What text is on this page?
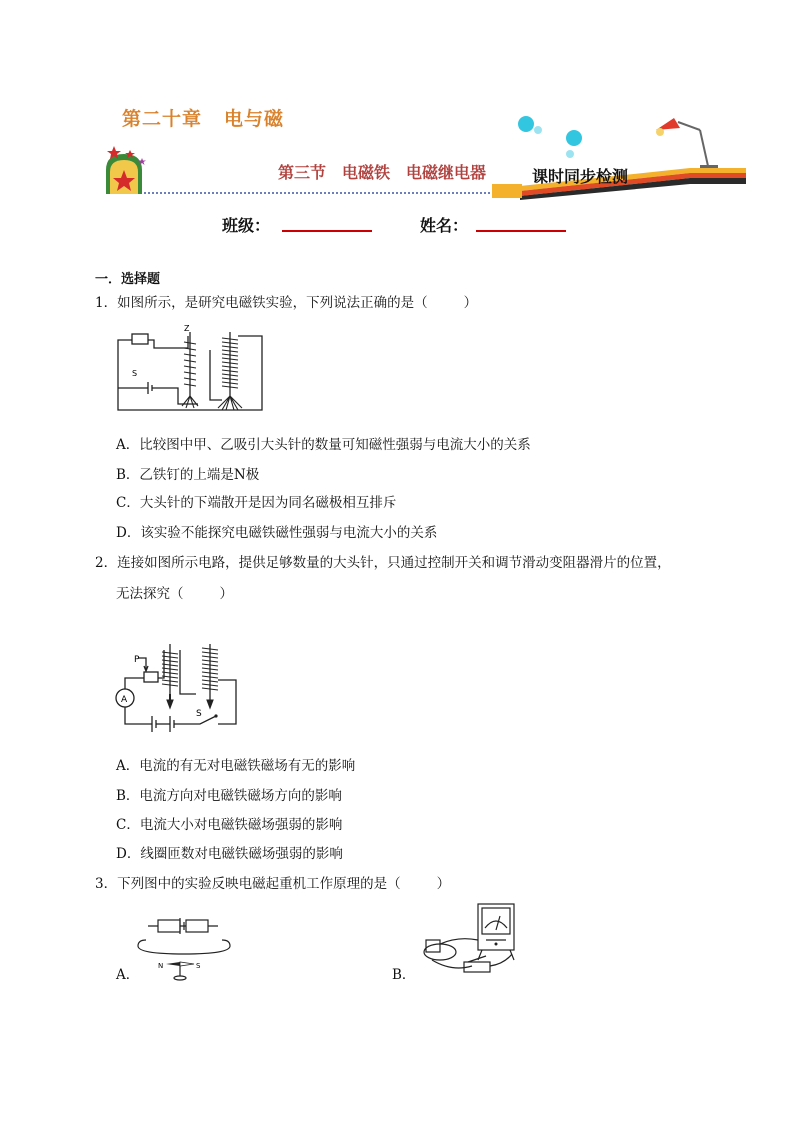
第二十章 电与磁
第三节　电磁铁　电磁继电器	课时同步检测
班级：	姓名：
一．选择题
1．如图所示，是研究电磁铁实验，下列说法正确的是（	）
Z
S
A．比较图中甲、乙吸引大头针的数量可知磁性强弱与电流大小的关系
B．乙铁钉的上端是N极
C．大头针的下端散开是因为同名磁极相互排斥
D．该实验不能探究电磁铁磁性强弱与电流大小的关系
2．连接如图所示电路，提供足够数量的大头针，只通过控制开关和调节滑动变阻器滑片的位置，
无法探究（	）
P
A
S
A．电流的有无对电磁铁磁场有无的影响
B．电流方向对电磁铁磁场方向的影响
C．电流大小对电磁铁磁场强弱的影响
D．线圈匝数对电磁铁磁场强弱的影响
3．下列图中的实验反映电磁起重机工作原理的是（	）
N	S
A．	B．
